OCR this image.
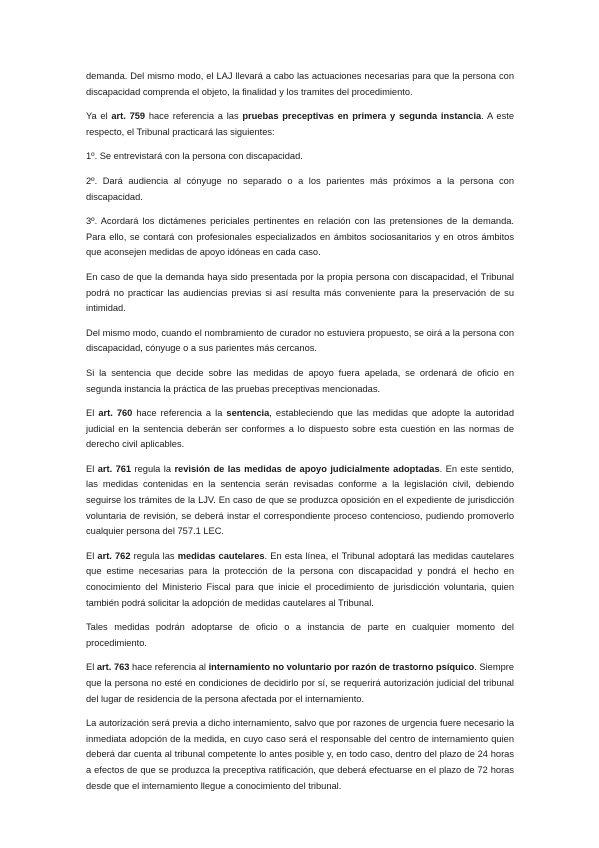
demanda. Del mismo modo, el LAJ llevará a cabo las actuaciones necesarias para que la persona con discapacidad comprenda el objeto, la finalidad y los tramites del procedimiento.

Ya el art. 759 hace referencia a las pruebas preceptivas en primera y segunda instancia. A este respecto, el Tribunal practicará las siguientes:

1º. Se entrevistará con la persona con discapacidad.

2º. Dará audiencia al cónyuge no separado o a los parientes más próximos a la persona con discapacidad.

3º. Acordará los dictámenes periciales pertinentes en relación con las pretensiones de la demanda. Para ello, se contará con profesionales especializados en ámbitos sociosanitarios y en otros ámbitos que aconsejen medidas de apoyo idóneas en cada caso.

En caso de que la demanda haya sido presentada por la propia persona con discapacidad, el Tribunal podrá no practicar las audiencias previas si así resulta más conveniente para la preservación de su intimidad.

Del mismo modo, cuando el nombramiento de curador no estuviera propuesto, se oirá a la persona con discapacidad, cónyuge o a sus parientes más cercanos.

Si la sentencia que decide sobre las medidas de apoyo fuera apelada, se ordenará de oficio en segunda instancia la práctica de las pruebas preceptivas mencionadas.

El art. 760 hace referencia a la sentencia, estableciendo que las medidas que adopte la autoridad judicial en la sentencia deberán ser conformes a lo dispuesto sobre esta cuestión en las normas de derecho civil aplicables.

El art. 761 regula la revisión de las medidas de apoyo judicialmente adoptadas. En este sentido, las medidas contenidas en la sentencia serán revisadas conforme a la legislación civil, debiendo seguirse los trámites de la LJV. En caso de que se produzca oposición en el expediente de jurisdicción voluntaria de revisión, se deberá instar el correspondiente proceso contencioso, pudiendo promoverlo cualquier persona del 757.1 LEC.

El art. 762 regula las medidas cautelares. En esta línea, el Tribunal adoptará las medidas cautelares que estime necesarias para la protección de la persona con discapacidad y pondrá el hecho en conocimiento del Ministerio Fiscal para que inicie el procedimiento de jurisdicción voluntaria, quien también podrá solicitar la adopción de medidas cautelares al Tribunal.

Tales medidas podrán adoptarse de oficio o a instancia de parte en cualquier momento del procedimiento.

El art. 763 hace referencia al internamiento no voluntario por razón de trastorno psíquico. Siempre que la persona no esté en condiciones de decidirlo por sí, se requerirá autorización judicial del tribunal del lugar de residencia de la persona afectada por el internamiento.

La autorización será previa a dicho internamiento, salvo que por razones de urgencia fuere necesario la inmediata adopción de la medida, en cuyo caso será el responsable del centro de internamiento quien deberá dar cuenta al tribunal competente lo antes posible y, en todo caso, dentro del plazo de 24 horas a efectos de que se produzca la preceptiva ratificación, que deberá efectuarse en el plazo de 72 horas desde que el internamiento llegue a conocimiento del tribunal.
